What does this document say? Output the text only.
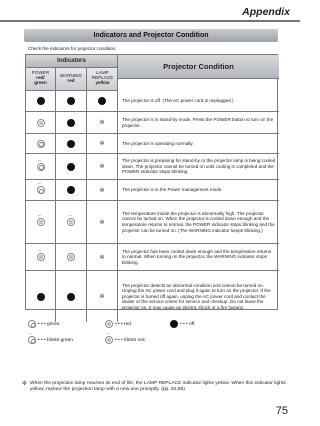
Appendix
Indicators and Projector Condition
Check the indicators for projector condition.
Indicators
Projector Condition
POWER
red/
green
WARNING
red
LAMP
REPLACE
yellow
The projector is off. (The AC power cord is unplugged.)
✻
The projector is in stand-by mode. Press the POWER button to turn on the projector.
✻	The projector is operating normally.
'''
✻
The projector is preparing for stand-by or the projector lamp is being cooled down. The projector cannot be turned on until cooling is completed and the POWER indicator stops blinking.
'''
✻	The projector is in the Power management mode.
'''
'''
✻
The temperature inside the projector is abnormally high. The projector cannot be turned on. When the projector is cooled down enough and the temperature returns to normal, the POWER indicator stops blinking and the projector can be turned on. (The WARNING indicator keeps blinking.)
'''
✻
The projector has been cooled down enough and the temperature returns to normal. When turning on the projector, the WARNING indicator stops blinking.
✻
The projector detects an abnormal condition and cannot be turned on. Unplug the AC power cord and plug it again to turn on the projector. If the projector is turned off again, unplug the AC power cord and contact the dealer or the service center for service and checkup. Do not leave the projector on. It may cause an electric shock or a fire hazard.
• • • green.	• • • red	• • • off
'''
• • • blinks green.
'''	• • • blinks red.
✻ When the projection lamp reaches its end of life, the LAMP REPLACE indicator lights yellow. When this indicator lights yellow, replace the projection lamp with a new one promptly. (pp. 62,68)
75
